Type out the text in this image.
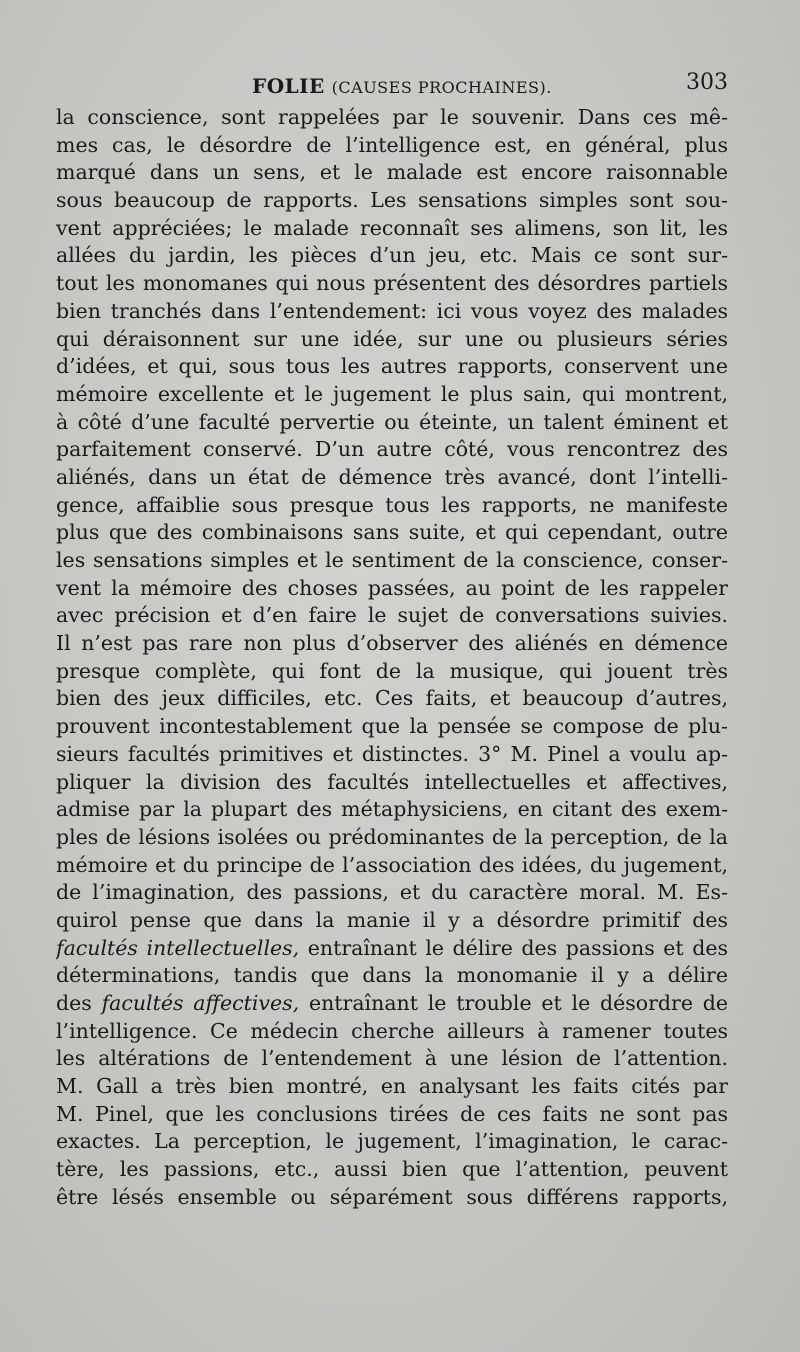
FOLIE (CAUSES PROCHAINES).	303
la conscience, sont rappelées par le souvenir. Dans ces mê-
mes cas, le désordre de l’intelligence est, en général, plus
marqué dans un sens, et le malade est encore raisonnable
sous beaucoup de rapports. Les sensations simples sont sou-
vent appréciées; le malade reconnaît ses alimens, son lit, les
allées du jardin, les pièces d’un jeu, etc. Mais ce sont sur-
tout les monomanes qui nous présentent des désordres partiels
bien tranchés dans l’entendement: ici vous voyez des malades
qui déraisonnent sur une idée, sur une ou plusieurs séries
d’idées, et qui, sous tous les autres rapports, conservent une
mémoire excellente et le jugement le plus sain, qui montrent,
à côté d’une faculté pervertie ou éteinte, un talent éminent et
parfaitement conservé. D’un autre côté, vous rencontrez des
aliénés, dans un état de démence très avancé, dont l’intelli-
gence, affaiblie sous presque tous les rapports, ne manifeste
plus que des combinaisons sans suite, et qui cependant, outre
les sensations simples et le sentiment de la conscience, conser-
vent la mémoire des choses passées, au point de les rappeler
avec précision et d’en faire le sujet de conversations suivies.
Il n’est pas rare non plus d’observer des aliénés en démence
presque complète, qui font de la musique, qui jouent très
bien des jeux difficiles, etc. Ces faits, et beaucoup d’autres,
prouvent incontestablement que la pensée se compose de plu-
sieurs facultés primitives et distinctes. 3° M. Pinel a voulu ap-
pliquer la division des facultés intellectuelles et affectives,
admise par la plupart des métaphysiciens, en citant des exem-
ples de lésions isolées ou prédominantes de la perception, de la
mémoire et du principe de l’association des idées, du jugement,
de l’imagination, des passions, et du caractère moral. M. Es-
quirol pense que dans la manie il y a désordre primitif des
facultés intellectuelles, entraînant le délire des passions et des
déterminations, tandis que dans la monomanie il y a délire
des facultés affectives, entraînant le trouble et le désordre de
l’intelligence. Ce médecin cherche ailleurs à ramener toutes
les altérations de l’entendement à une lésion de l’attention.
M. Gall a très bien montré, en analysant les faits cités par
M. Pinel, que les conclusions tirées de ces faits ne sont pas
exactes. La perception, le jugement, l’imagination, le carac-
tère, les passions, etc., aussi bien que l’attention, peuvent
être lésés ensemble ou séparément sous différens rapports,
